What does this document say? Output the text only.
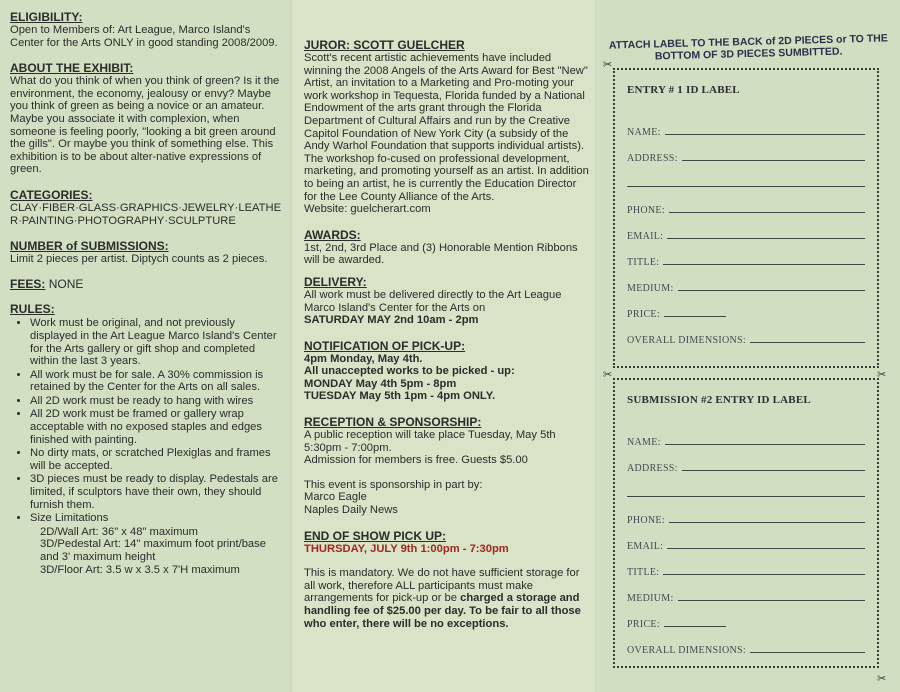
ELIGIBILITY:

Open to Members of: Art League, Marco Island's Center for the Arts ONLY in good standing 2008/2009.

ABOUT THE EXHIBIT:

What do you think of when you think of green? Is it the environment, the economy, jealousy or envy? Maybe you think of green as being a novice or an amateur. Maybe you associate it with complexion, when someone is feeling poorly, "looking a bit green around the gills". Or maybe you think of something else. This exhibition is to be about alter-native expressions of green.

CATEGORIES:

CLAY·FIBER·GLASS·GRAPHICS·JEWELRY·LEATHER·PAINTING·PHOTOGRAPHY·SCULPTURE

NUMBER of SUBMISSIONS:

Limit 2 pieces per artist. Diptych counts as 2 pieces.

FEES: NONE

RULES:

• Work must be original, and not previously displayed in the Art League Marco Island's Center for the Arts gallery or gift shop and completed within the last 3 years.
• All work must be for sale. A 30% commission is retained by the Center for the Arts on all sales.
• All 2D work must be ready to hang with wires
• All 2D work must be framed or gallery wrap acceptable with no exposed staples and edges finished with painting.
• No dirty mats, or scratched Plexiglas and frames will be accepted.
• 3D pieces must be ready to display. Pedestals are limited, if sculptors have their own, they should furnish them.
• Size Limitations

2D/Wall Art: 36" x 48" maximum

3D/Pedestal Art: 14" maximum foot print/base and 3' maximum height

3D/Floor Art: 3.5 w x 3.5 x 7'H maximum

JUROR: SCOTT GUELCHER

Scott's recent artistic achievements have included winning the 2008 Angels of the Arts Award for Best "New" Artist, an invitation to a Marketing and Pro-moting your work workshop in Tequesta, Florida funded by a National Endowment of the arts grant through the Florida Department of Cultural Affairs and run by the Creative Capitol Foundation of New York City (a subsidy of the Andy Warhol Foundation that supports individual artists). The workshop fo-cused on professional development, marketing, and promoting yourself as an artist. In addition to being an artist, he is currently the Education Director for the Lee County Alliance of the Arts.

Website: guelcherart.com

AWARDS:

1st, 2nd, 3rd Place and (3) Honorable Mention Ribbons will be awarded.

DELIVERY:

All work must be delivered directly to the Art League Marco Island's Center for the Arts on

SATURDAY MAY 2nd 10am - 2pm

NOTIFICATION OF PICK-UP:

4pm Monday, May 4th.

All unaccepted works to be picked - up:

MONDAY May 4th 5pm - 8pm

TUESDAY May 5th 1pm - 4pm ONLY.

RECEPTION & SPONSORSHIP:

A public reception will take place Tuesday, May 5th

5:30pm - 7:00pm.

Admission for members is free. Guests $5.00

This event is sponsorship in part by:

Marco Eagle

Naples Daily News

END OF SHOW PICK UP:

THURSDAY, JULY 9th 1:00pm - 7:30pm

This is mandatory. We do not have sufficient storage for all work, therefore ALL participants must make arrangements for pick-up or be charged a storage and handling fee of $25.00 per day. To be fair to all those who enter, there will be no exceptions.

ATTACH LABEL TO THE BACK of 2D PIECES or TO THE BOTTOM OF 3D PIECES SUMBITTED.
✂	✂
✂
✂

ENTRY # 1 ID LABEL

NAME:
ADDRESS:
PHONE:
EMAIL:
TITLE:
MEDIUM:
PRICE:
OVERALL DIMENSIONS:

SUBMISSION #2 ENTRY ID LABEL

NAME:
ADDRESS:
PHONE:
EMAIL:
TITLE:
MEDIUM:
PRICE:
OVERALL DIMENSIONS:
